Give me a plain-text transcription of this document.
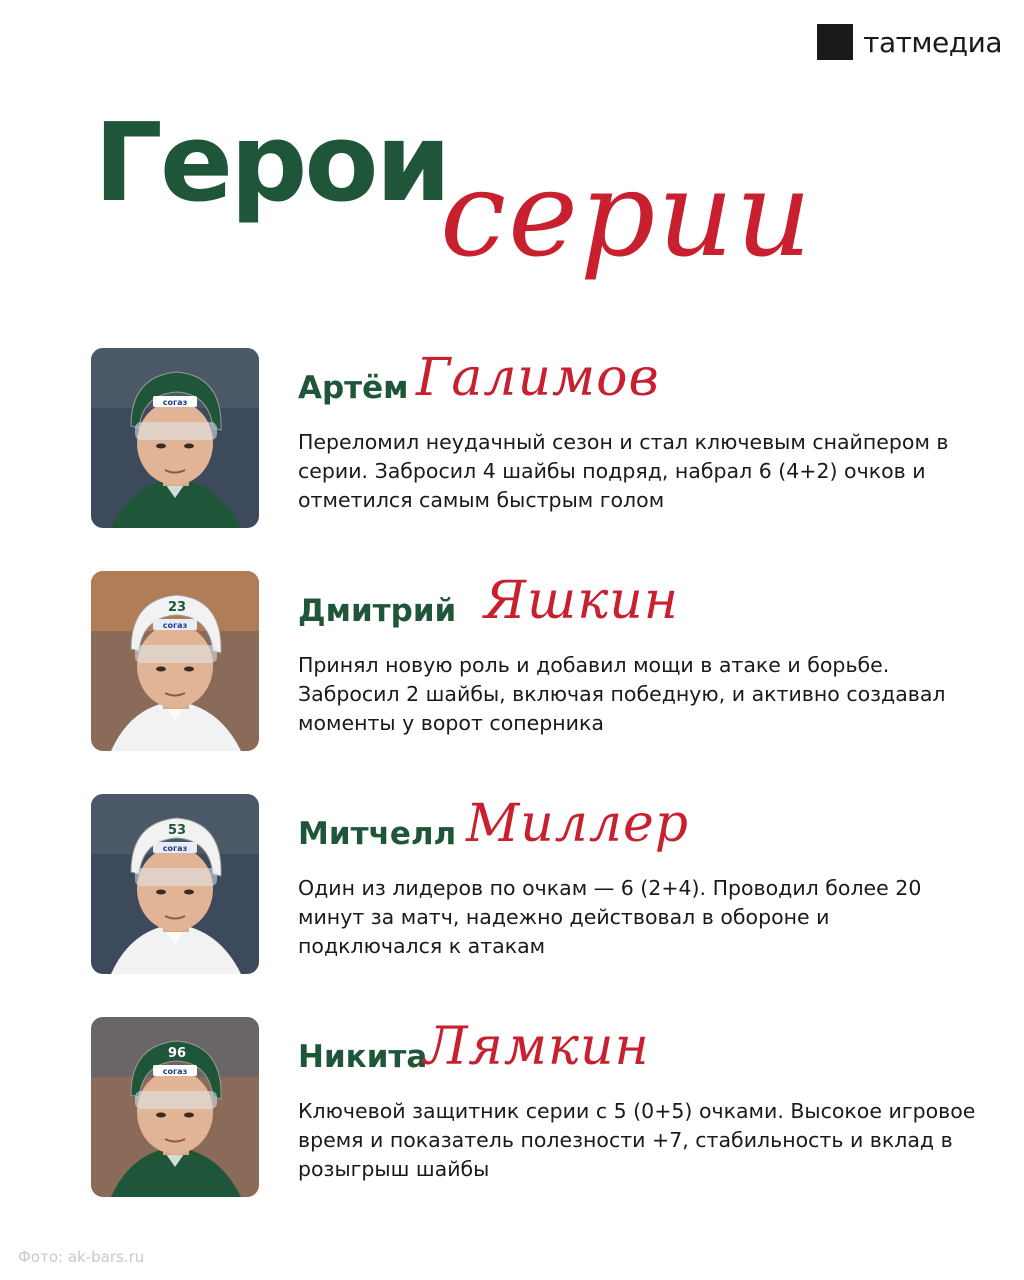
татмедиа
Герои
серии
согаз	Артём Галимов

Переломил неудачный сезон и стал ключевым снайпером в серии. Забросил 4 шайбы подряд, набрал 6 (4+2) очков и отметился самым быстрым голом

согаз
23	Дмитрий Яшкин

Принял новую роль и добавил мощи в атаке и борьбе. Забросил 2 шайбы, включая победную, и активно создавал моменты у ворот соперника

согаз
53	Митчелл Миллер

Один из лидеров по очкам — 6 (2+4). Проводил более 20 минут за матч, надежно действовал в обороне и подключался к атакам

согаз
96	Никита
Лямкин

Ключевой защитник серии с 5 (0+5) очками. Высокое игровое время и показатель полезности +7, стабильность и вклад в розыгрыш шайбы

Фото: ak-bars.ru
